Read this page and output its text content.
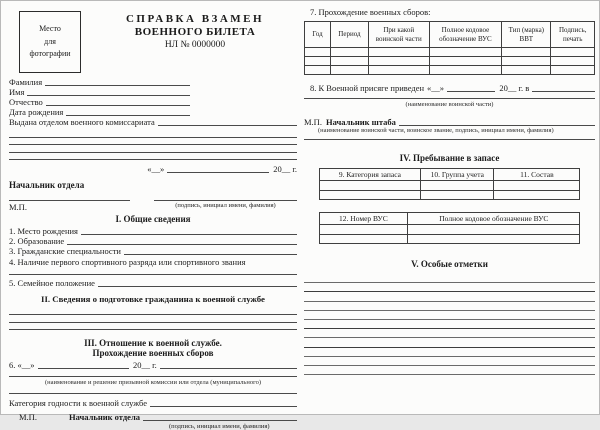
Место
для
фотографии
СПРАВКА ВЗАМЕН
ВОЕННОГО БИЛЕТА
НЛ № 0000000
Фамилия
Имя
Отчество
Дата рождения
Выдана отделом военного комиссариата
«__»	20__ г.
Начальник отдела
М.П.	(подпись, инициал имени, фамилия)
I. Общие сведения
1. Место рождения
2. Образование
3. Гражданские специальности
4. Наличие первого спортивного разряда или спортивного звания
5. Семейное положение
II. Сведения о подготовке гражданина к военной службе
III. Отношение к военной службе.
Прохождение военных сборов
6. «__»	20__ г.
(наименование и решение призывной комиссии или отдела (муниципального)
Категория годности к военной службе
М.П.	Начальник отдела
(подпись, инициал имени, фамилия)
7. Прохождение военных сборов:
Год	Период	При какой воинской части	Полное кодовое обозначение ВУС	Тип (марка) ВВТ	Подпись, печать

8. К Военной присяге приведен «__»	20__ г. в
(наименование воинской части)
М.П. Начальник штаба
(наименование воинской части, воинское звание, подпись, инициал имени, фамилия)
IV. Пребывание в запасе
9. Категория запаса	10. Группа учета	11. Состав

12. Номер ВУС	Полное кодовое обозначение ВУС

V. Особые отметки
